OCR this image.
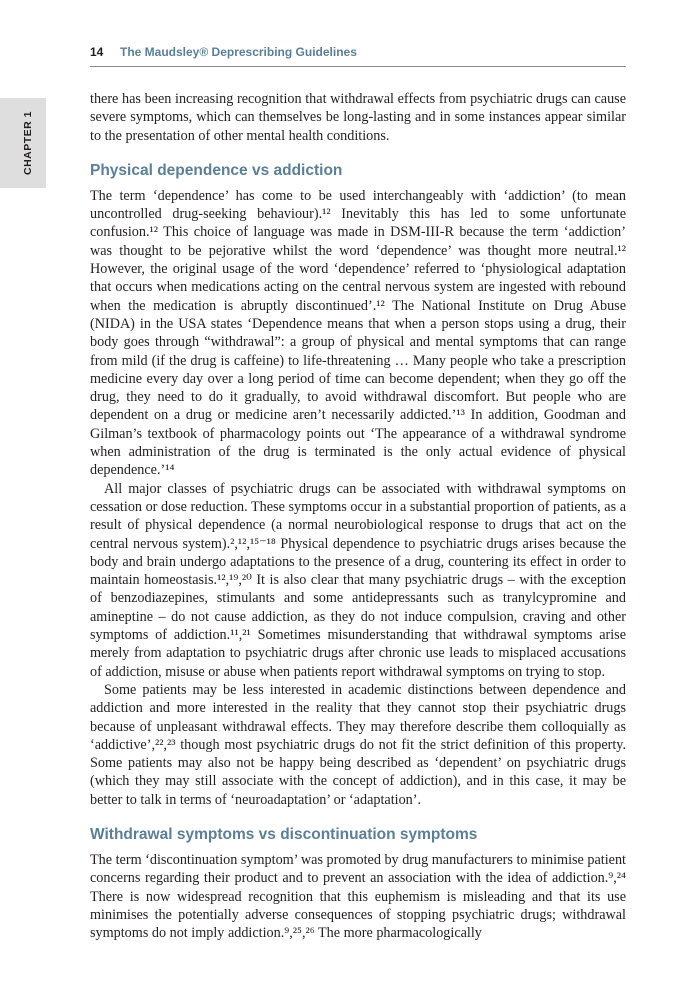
14 The Maudsley® Deprescribing Guidelines
CHAPTER 1

there has been increasing recognition that withdrawal effects from psychiatric drugs can cause severe symptoms, which can themselves be long-lasting and in some instances appear similar to the presentation of other mental health conditions.

Physical dependence vs addiction

The term ‘dependence’ has come to be used interchangeably with ‘addiction’ (to mean uncontrolled drug-seeking behaviour).¹² Inevitably this has led to some unfortunate confusion.¹² This choice of language was made in DSM-III-R because the term ‘addiction’ was thought to be pejorative whilst the word ‘dependence’ was thought more neutral.¹² However, the original usage of the word ‘dependence’ referred to ‘physiological adaptation that occurs when medications acting on the central nervous system are ingested with rebound when the medication is abruptly discontinued’.¹² The National Institute on Drug Abuse (NIDA) in the USA states ‘Dependence means that when a person stops using a drug, their body goes through “withdrawal”: a group of physical and mental symptoms that can range from mild (if the drug is caffeine) to life-threatening … Many people who take a prescription medicine every day over a long period of time can become dependent; when they go off the drug, they need to do it gradually, to avoid withdrawal discomfort. But people who are dependent on a drug or medicine aren’t necessarily addicted.’¹³ In addition, Goodman and Gilman’s textbook of pharmacology points out ‘The appearance of a withdrawal syndrome when administration of the drug is terminated is the only actual evidence of physical dependence.’¹⁴

All major classes of psychiatric drugs can be associated with withdrawal symptoms on cessation or dose reduction. These symptoms occur in a substantial proportion of patients, as a result of physical dependence (a normal neurobiological response to drugs that act on the central nervous system).²,¹²,¹⁵⁻¹⁸ Physical dependence to psychiatric drugs arises because the body and brain undergo adaptations to the presence of a drug, countering its effect in order to maintain homeostasis.¹²,¹⁹,²⁰ It is also clear that many psychiatric drugs – with the exception of benzodiazepines, stimulants and some antidepressants such as tranylcypromine and amineptine – do not cause addiction, as they do not induce compulsion, craving and other symptoms of addiction.¹¹,²¹ Sometimes misunderstanding that withdrawal symptoms arise merely from adaptation to psychiatric drugs after chronic use leads to misplaced accusations of addiction, misuse or abuse when patients report withdrawal symptoms on trying to stop.

Some patients may be less interested in academic distinctions between dependence and addiction and more interested in the reality that they cannot stop their psychiatric drugs because of unpleasant withdrawal effects. They may therefore describe them colloquially as ‘addictive’,²²,²³ though most psychiatric drugs do not fit the strict definition of this property. Some patients may also not be happy being described as ‘dependent’ on psychiatric drugs (which they may still associate with the concept of addiction), and in this case, it may be better to talk in terms of ‘neuroadaptation’ or ‘adaptation’.

Withdrawal symptoms vs discontinuation symptoms

The term ‘discontinuation symptom’ was promoted by drug manufacturers to minimise patient concerns regarding their product and to prevent an association with the idea of addiction.⁹,²⁴ There is now widespread recognition that this euphemism is misleading and that its use minimises the potentially adverse consequences of stopping psychiatric drugs; withdrawal symptoms do not imply addiction.⁹,²⁵,²⁶ The more pharmacologically
